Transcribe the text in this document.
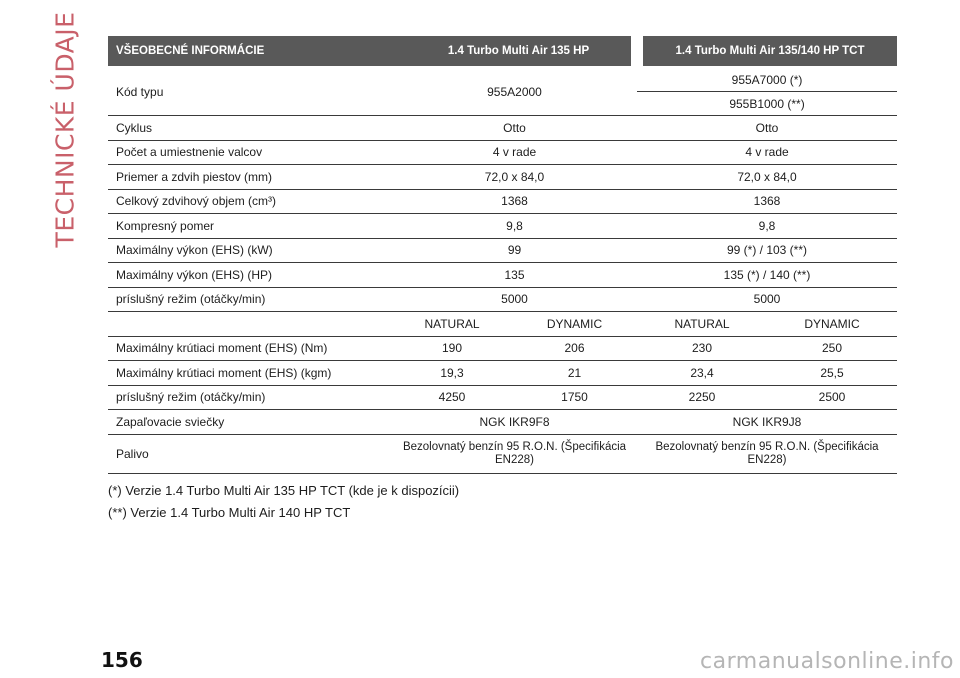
TECHNICKÉ ÚDAJE	VŠEOBECNÉ INFORMÁCIE	1.4 Turbo Multi Air 135 HP		1.4 Turbo Multi Air 135/140 HP TCT	
Kód typu	955A2000		955A7000 (*)	
			955B1000 (**)	
Cyklus	Otto		Otto	
Počet a umiestnenie valcov	4 v rade		4 v rade	
Priemer a zdvih piestov (mm)	72,0 x 84,0		72,0 x 84,0	
Celkový zdvihový objem (cm³)	1368		1368	
Kompresný pomer	9,8		9,8	
Maximálny výkon (EHS) (kW)	99		99 (*) / 103 (**)	
Maximálny výkon (EHS) (HP)	135		135 (*) / 140 (**)	
príslušný režim (otáčky/min)	5000		5000	
	NATURAL	DYNAMIC	NATURAL	DYNAMIC
Maximálny krútiaci moment (EHS) (Nm)	190	206	230	250
Maximálny krútiaci moment (EHS) (kgm)	19,3	21	23,4	25,5
príslušný režim (otáčky/min)	4250	1750	2250	2500
Zapaľovacie sviečky	NGK IKR9F8		NGK IKR9J8	
Palivo	Bezolovnatý benzín 95 R.O.N. (Špecifikácia EN228)		Bezolovnatý benzín 95 R.O.N. (Špecifikácia EN228)	
(*) Verzie 1.4 Turbo Multi Air 135 HP TCT (kde je k dispozícii)
(**) Verzie 1.4 Turbo Multi Air 140 HP TCT
156	carmanualsonline.info
